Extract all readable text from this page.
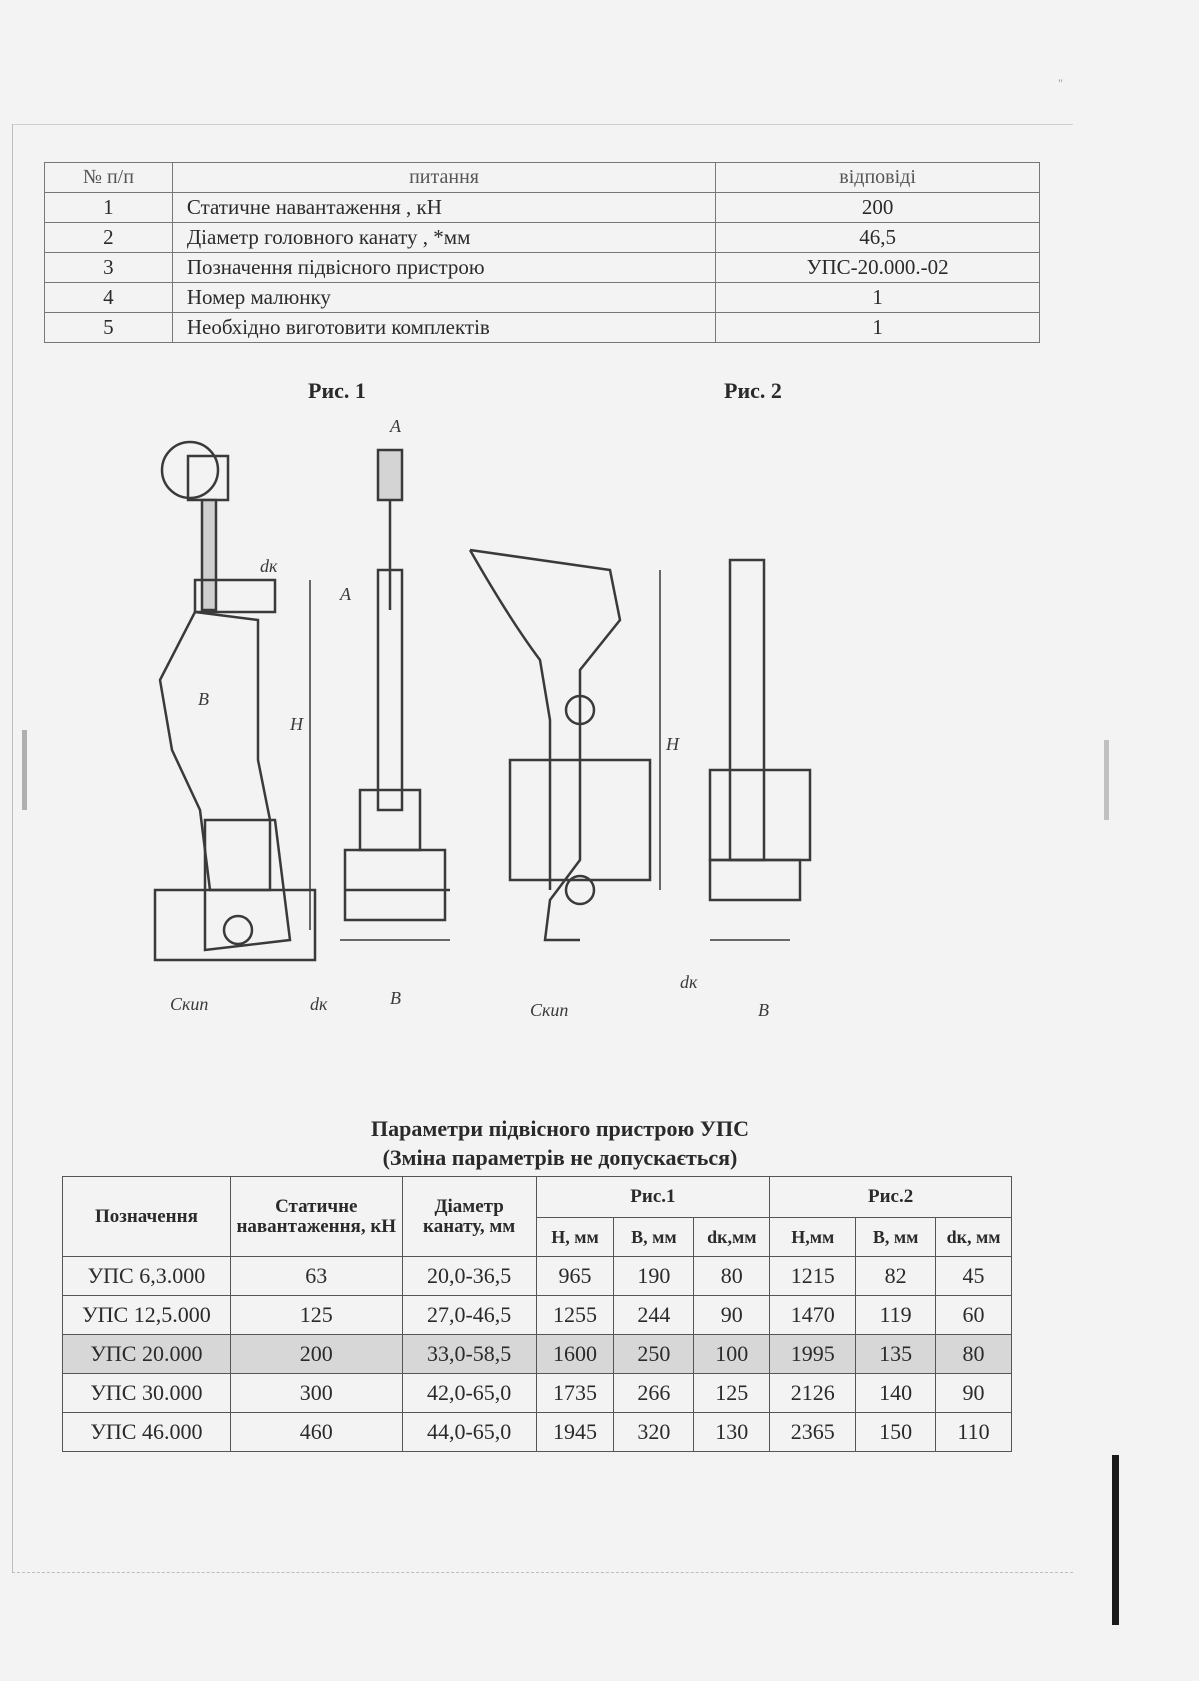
"
№ п/п	питання	відповіді
1	Статичне навантаження , кН	200
2	Діаметр головного канату , *мм	46,5
3	Позначення підвісного пристрою	УПС-20.000.-02
4	Номер малюнку	1
5	Необхідно виготовити комплектів	1
Рис. 1	Рис. 2
А
А
dк
В
Н
Н
В
В
dк
dк
Скип	Скип
Параметри підвісного пристрою УПС
(Зміна параметрів не допускається)
Позначення	Статичне навантаження, кН	Діаметр канату, мм	Рис.1			Рис.2		
			Н, мм	В, мм	dк,мм	Н,мм	В, мм	dк, мм
УПС 6,3.000	63	20,0-36,5	965	190	80	1215	82	45
УПС 12,5.000	125	27,0-46,5	1255	244	90	1470	119	60
УПС 20.000	200	33,0-58,5	1600	250	100	1995	135	80
УПС 30.000	300	42,0-65,0	1735	266	125	2126	140	90
УПС 46.000	460	44,0-65,0	1945	320	130	2365	150	110
